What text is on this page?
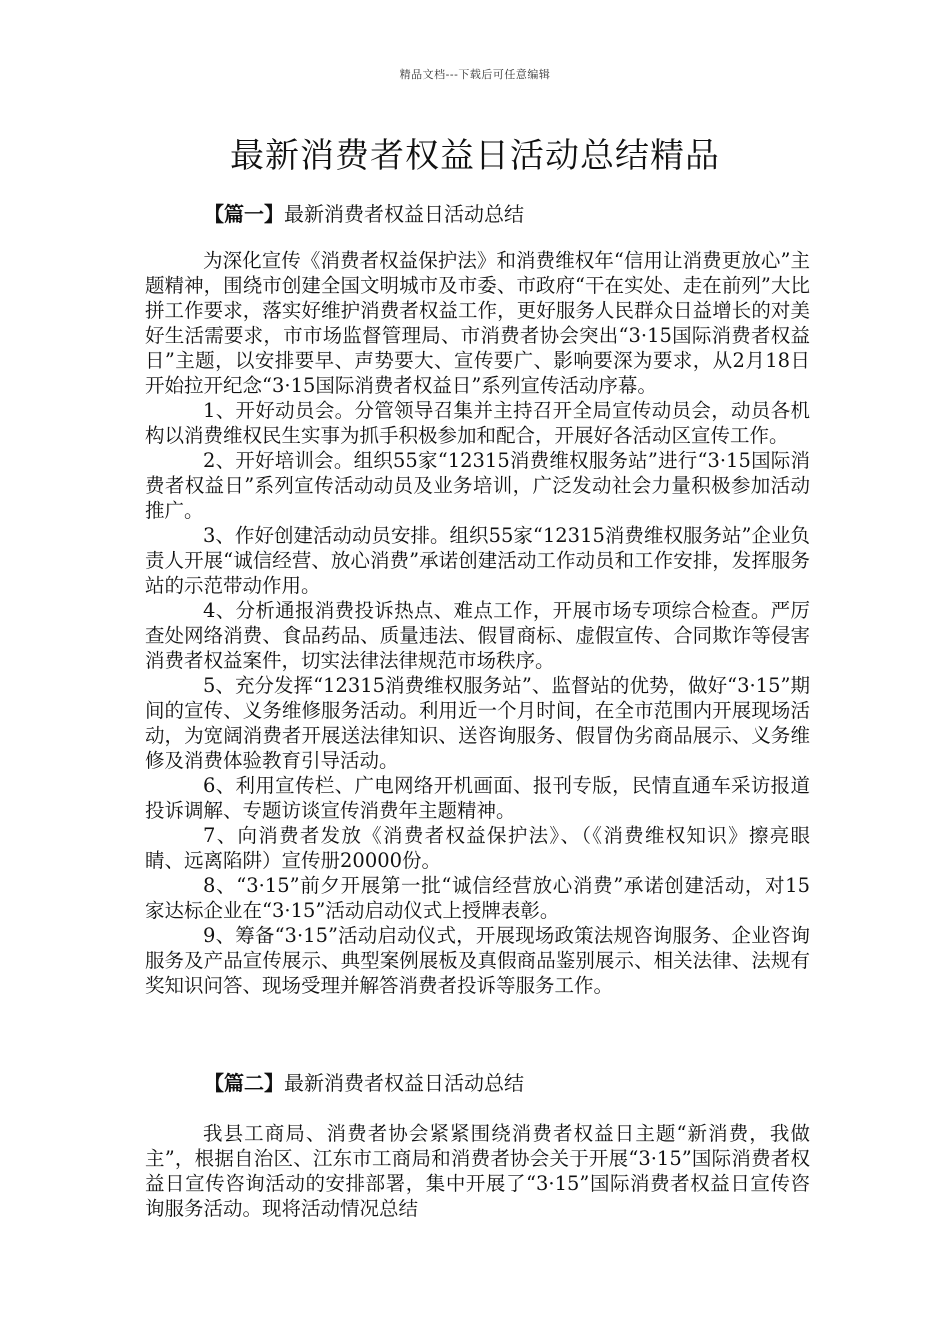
精品文档---下载后可任意编辑
最新消费者权益日活动总结精品
【篇一】最新消费者权益日活动总结

为深化宣传《消费者权益保护法》和消费维权年“信用让消费更放心”主题精神，围绕市创建全国文明城市及市委、市政府“干在实处、走在前列”大比拼工作要求，落实好维护消费者权益工作，更好服务人民群众日益增长的对美好生活需要求，市市场监督管理局、市消费者协会突出“3·15国际消费者权益日”主题，以安排要早、声势要大、宣传要广、影响要深为要求，从2月18日开始拉开纪念“3·15国际消费者权益日”系列宣传活动序幕。

1、开好动员会。分管领导召集并主持召开全局宣传动员会，动员各机构以消费维权民生实事为抓手积极参加和配合，开展好各活动区宣传工作。

2、开好培训会。组织55家“12315消费维权服务站”进行“3·15国际消费者权益日”系列宣传活动动员及业务培训，广泛发动社会力量积极参加活动推广。

3、作好创建活动动员安排。组织55家“12315消费维权服务站”企业负责人开展“诚信经营、放心消费”承诺创建活动工作动员和工作安排，发挥服务站的示范带动作用。

4、分析通报消费投诉热点、难点工作，开展市场专项综合检查。严厉查处网络消费、食品药品、质量违法、假冒商标、虚假宣传、合同欺诈等侵害消费者权益案件，切实法律法律规范市场秩序。

5、充分发挥“12315消费维权服务站”、监督站的优势，做好“3·15”期间的宣传、义务维修服务活动。利用近一个月时间，在全市范围内开展现场活动，为宽阔消费者开展送法律知识、送咨询服务、假冒伪劣商品展示、义务维修及消费体验教育引导活动。

6、利用宣传栏、广电网络开机画面、报刊专版，民情直通车采访报道投诉调解、专题访谈宣传消费年主题精神。

7、向消费者发放《消费者权益保护法》、（《消费维权知识》擦亮眼睛、远离陷阱）宣传册20000份。

8、“3·15”前夕开展第一批“诚信经营放心消费”承诺创建活动，对15家达标企业在“3·15”活动启动仪式上授牌表彰。

9、筹备“3·15”活动启动仪式，开展现场政策法规咨询服务、企业咨询服务及产品宣传展示、典型案例展板及真假商品鉴别展示、相关法律、法规有奖知识问答、现场受理并解答消费者投诉等服务工作。

【篇二】最新消费者权益日活动总结

我县工商局、消费者协会紧紧围绕消费者权益日主题“新消费，我做主”，根据自治区、江东市工商局和消费者协会关于开展“3·15”国际消费者权益日宣传咨询活动的安排部署，集中开展了“3·15”国际消费者权益日宣传咨询服务活动。现将活动情况总结
